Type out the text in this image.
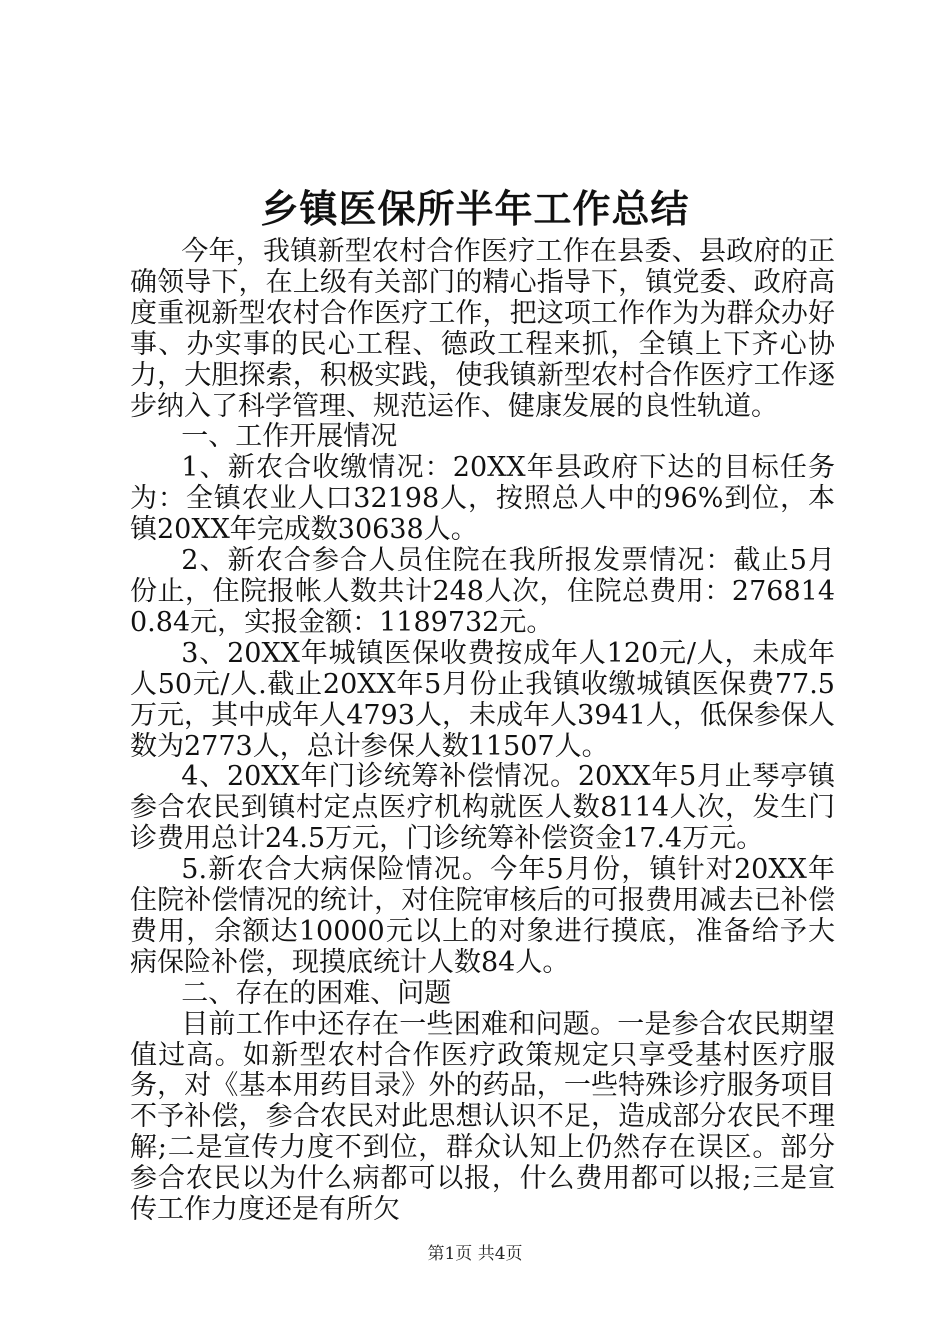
乡镇医保所半年工作总结

今年，我镇新型农村合作医疗工作在县委、县政府的正确领导下，在上级有关部门的精心指导下，镇党委、政府高度重视新型农村合作医疗工作，把这项工作作为为群众办好事、办实事的民心工程、德政工程来抓，全镇上下齐心协力，大胆探索，积极实践，使我镇新型农村合作医疗工作逐步纳入了科学管理、规范运作、健康发展的良性轨道。

一、工作开展情况

1、新农合收缴情况：20XX年县政府下达的目标任务为：全镇农业人口32198人，按照总人中的96%到位，本镇20XX年完成数30638人。

2、新农合参合人员住院在我所报发票情况：截止5月份止，住院报帐人数共计248人次，住院总费用：2768140.84元，实报金额：1189732元。

3、20XX年城镇医保收费按成年人120元/人，未成年人50元/人.截止20XX年5月份止我镇收缴城镇医保费77.5万元，其中成年人4793人，未成年人3941人，低保参保人数为2773人，总计参保人数11507人。

4、20XX年门诊统筹补偿情况。20XX年5月止琴亭镇参合农民到镇村定点医疗机构就医人数8114人次，发生门诊费用总计24.5万元，门诊统筹补偿资金17.4万元。

5.新农合大病保险情况。今年5月份，镇针对20XX年住院补偿情况的统计，对住院审核后的可报费用减去已补偿费用，余额达10000元以上的对象进行摸底，准备给予大病保险补偿，现摸底统计人数84人。

二、存在的困难、问题

目前工作中还存在一些困难和问题。一是参合农民期望值过高。如新型农村合作医疗政策规定只享受基村医疗服务，对《基本用药目录》外的药品，一些特殊诊疗服务项目不予补偿，参合农民对此思想认识不足，造成部分农民不理解;二是宣传力度不到位，群众认知上仍然存在误区。部分参合农民以为什么病都可以报，什么费用都可以报;三是宣传工作力度还是有所欠

第1页 共4页
